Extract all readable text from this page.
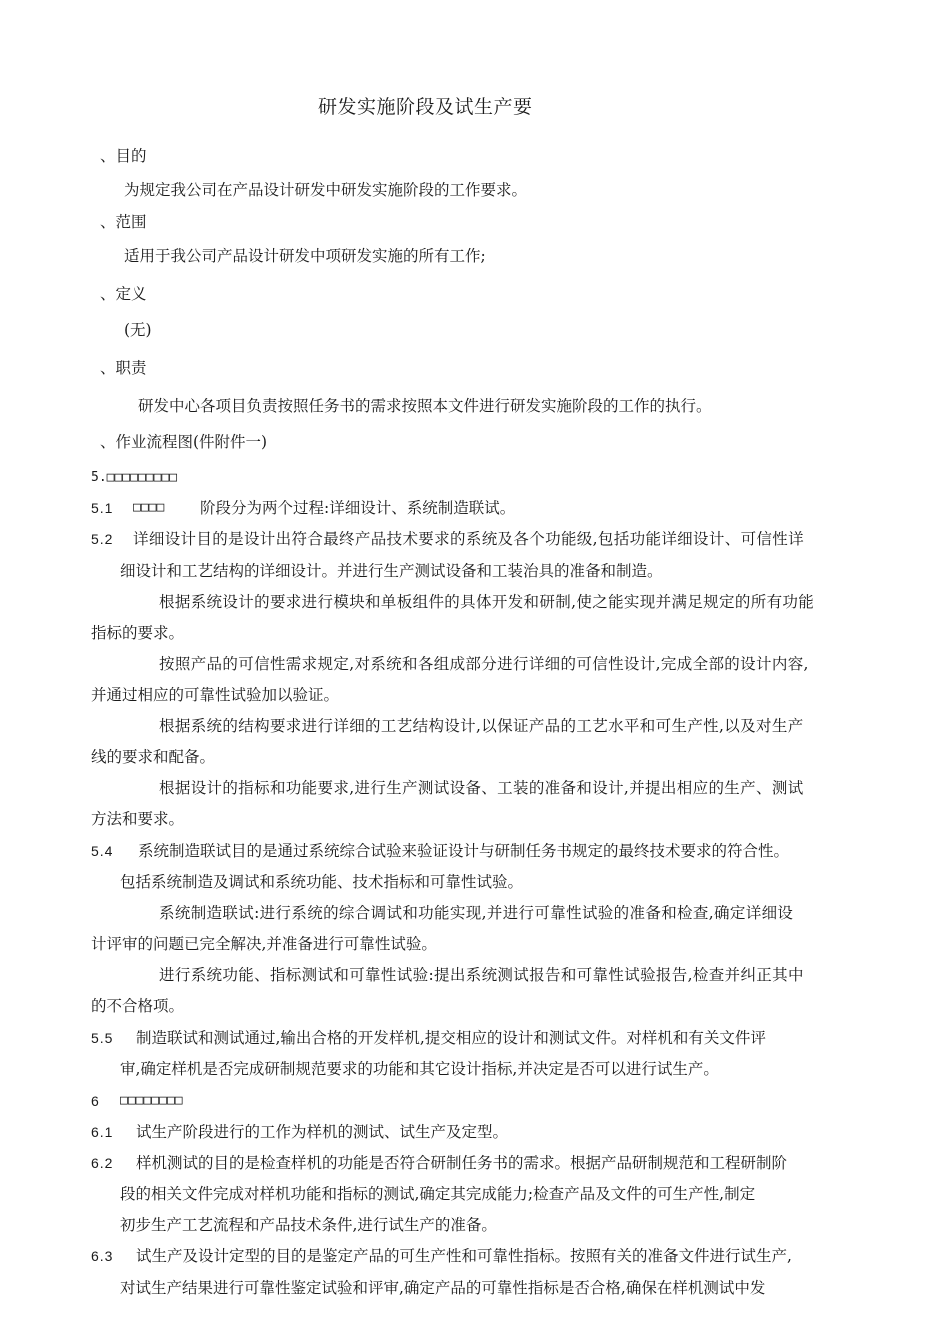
研发实施阶段及试生产要
、目的
为规定我公司在产品设计研发中研发实施阶段的工作要求。
、范围
适用于我公司产品设计研发中项研发实施的所有工作;
、定义
(无)
、职责
研发中心各项目负责按照任务书的需求按照本文件进行研发实施阶段的工作的执行。
、作业流程图(件附件一)
5.□□□□□□□□□
5.1 □□□□ 阶段分为两个过程:详细设计、系统制造联试。
5.2 详细设计目的是设计出符合最终产品技术要求的系统及各个功能级,包括功能详细设计、可信性详
细设计和工艺结构的详细设计。并进行生产测试设备和工装治具的准备和制造。
根据系统设计的要求进行模块和单板组件的具体开发和研制,使之能实现并满足规定的所有功能
指标的要求。
按照产品的可信性需求规定,对系统和各组成部分进行详细的可信性设计,完成全部的设计内容,
并通过相应的可靠性试验加以验证。
根据系统的结构要求进行详细的工艺结构设计,以保证产品的工艺水平和可生产性,以及对生产
线的要求和配备。
根据设计的指标和功能要求,进行生产测试设备、工装的准备和设计,并提出相应的生产、测试
方法和要求。
5.4 系统制造联试目的是通过系统综合试验来验证设计与研制任务书规定的最终技术要求的符合性。
包括系统制造及调试和系统功能、技术指标和可靠性试验。
系统制造联试:进行系统的综合调试和功能实现,并进行可靠性试验的准备和检查,确定详细设
计评审的问题已完全解决,并准备进行可靠性试验。
进行系统功能、指标测试和可靠性试验:提出系统测试报告和可靠性试验报告,检查并纠正其中
的不合格项。
5.5 制造联试和测试通过,输出合格的开发样机,提交相应的设计和测试文件。对样机和有关文件评
审,确定样机是否完成研制规范要求的功能和其它设计指标,并决定是否可以进行试生产。
6 □□□□□□□□
6.1 试生产阶段进行的工作为样机的测试、试生产及定型。
6.2 样机测试的目的是检查样机的功能是否符合研制任务书的需求。根据产品研制规范和工程研制阶
段的相关文件完成对样机功能和指标的测试,确定其完成能力;检查产品及文件的可生产性,制定
初步生产工艺流程和产品技术条件,进行试生产的准备。
6.3 试生产及设计定型的目的是鉴定产品的可生产性和可靠性指标。按照有关的准备文件进行试生产,
对试生产结果进行可靠性鉴定试验和评审,确定产品的可靠性指标是否合格,确保在样机测试中发
